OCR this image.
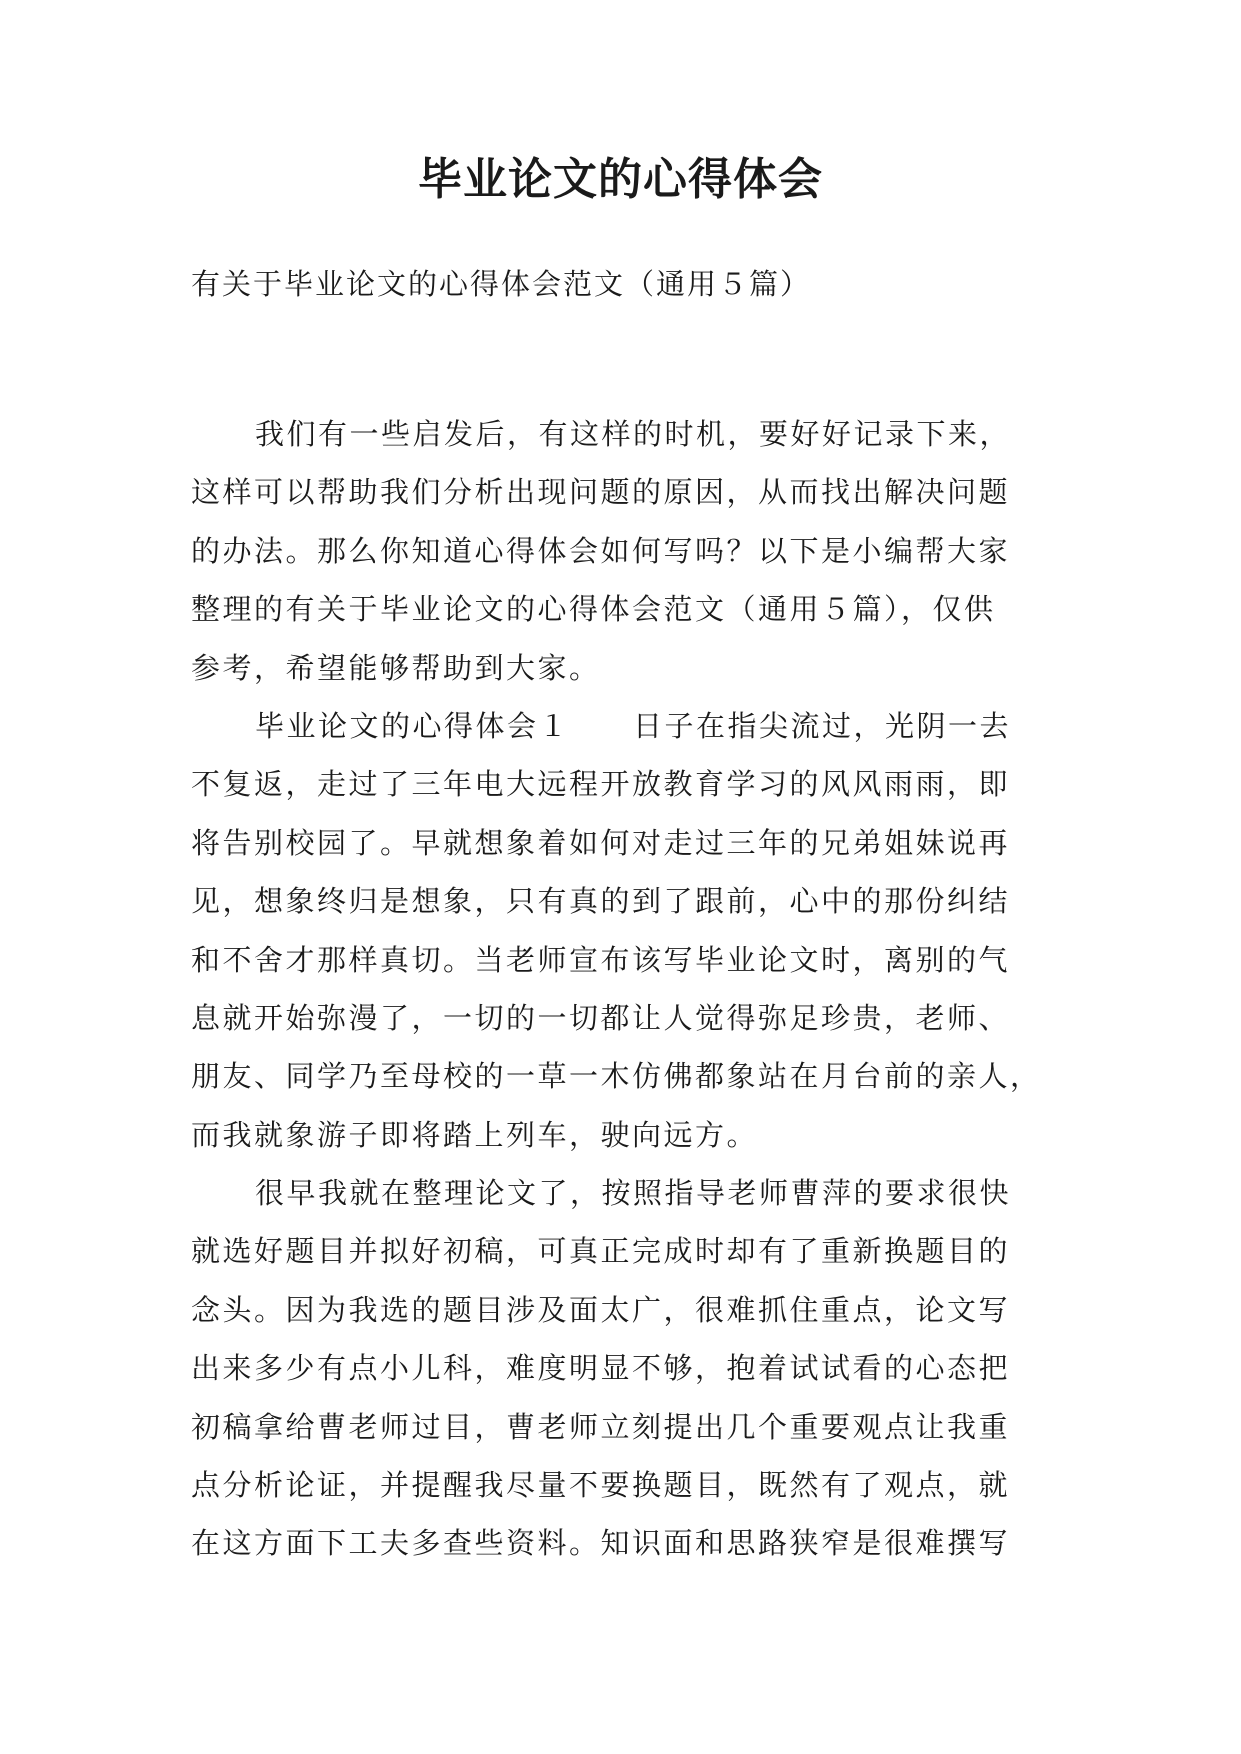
毕业论文的心得体会

有关于毕业论文的心得体会范文（通用５篇）

我们有一些启发后，有这样的时机，要好好记录下来，
这样可以帮助我们分析出现问题的原因，从而找出解决问题
的办法。那么你知道心得体会如何写吗？以下是小编帮大家
整理的有关于毕业论文的心得体会范文（通用５篇），仅供
参考，希望能够帮助到大家。
毕业论文的心得体会１　　日子在指尖流过，光阴一去
不复返，走过了三年电大远程开放教育学习的风风雨雨，即
将告别校园了。早就想象着如何对走过三年的兄弟姐妹说再
见，想象终归是想象，只有真的到了跟前，心中的那份纠结
和不舍才那样真切。当老师宣布该写毕业论文时，离别的气
息就开始弥漫了，一切的一切都让人觉得弥足珍贵，老师、
朋友、同学乃至母校的一草一木仿佛都象站在月台前的亲人，
而我就象游子即将踏上列车，驶向远方。
很早我就在整理论文了，按照指导老师曹萍的要求很快
就选好题目并拟好初稿，可真正完成时却有了重新换题目的
念头。因为我选的题目涉及面太广，很难抓住重点，论文写
出来多少有点小儿科，难度明显不够，抱着试试看的心态把
初稿拿给曹老师过目，曹老师立刻提出几个重要观点让我重
点分析论证，并提醒我尽量不要换题目，既然有了观点，就
在这方面下工夫多查些资料。知识面和思路狭窄是很难撰写
